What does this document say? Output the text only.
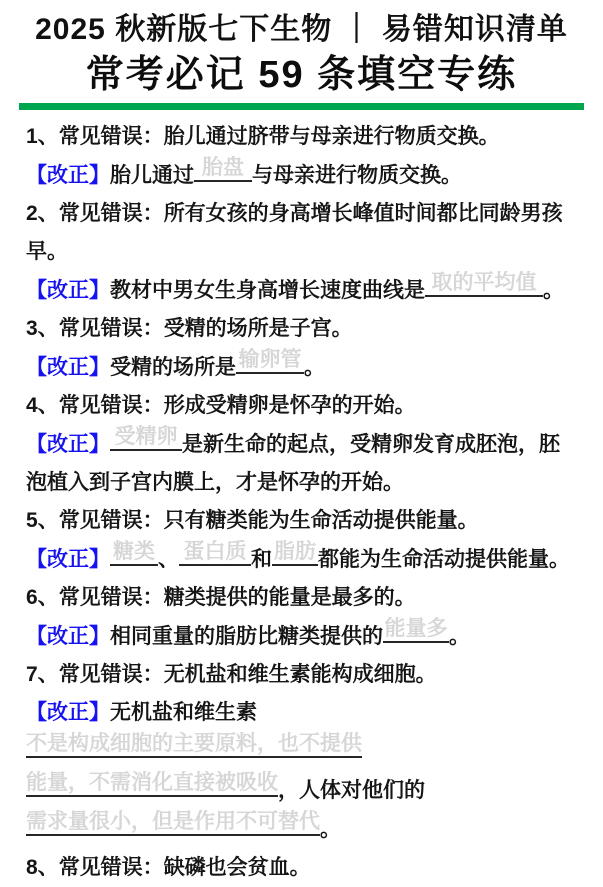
2025 秋新版七下生物 ｜ 易错知识清单
常考必记 59 条填空专练

1、常见错误：胎儿通过脐带与母亲进行物质交换。

【改正】胎儿通过 胎盘 与母亲进行物质交换。

2、常见错误：所有女孩的身高增长峰值时间都比同龄男孩早。

【改正】教材中男女生身高增长速度曲线是 取的平均值 。

3、常见错误：受精的场所是子宫。

【改正】受精的场所是 输卵管 。

4、常见错误：形成受精卵是怀孕的开始。

【改正】 受精卵 是新生命的起点，受精卵发育成胚泡，胚泡植入到子宫内膜上，才是怀孕的开始。

5、常见错误：只有糖类能为生命活动提供能量。

【改正】 糖类 、 蛋白质 和脂肪都能为生命活动提供能量。

6、常见错误：糖类提供的能量是最多的。

【改正】相同重量的脂肪比糖类提供的能量多。

7、常见错误：无机盐和维生素能构成细胞。

【改正】无机盐和维生素不是构成细胞的主要原料，也不提供能量，不需消化直接被吸收，人体对他们的需求量很小，但是作用不可替代。

8、常见错误：缺磷也会贫血。
